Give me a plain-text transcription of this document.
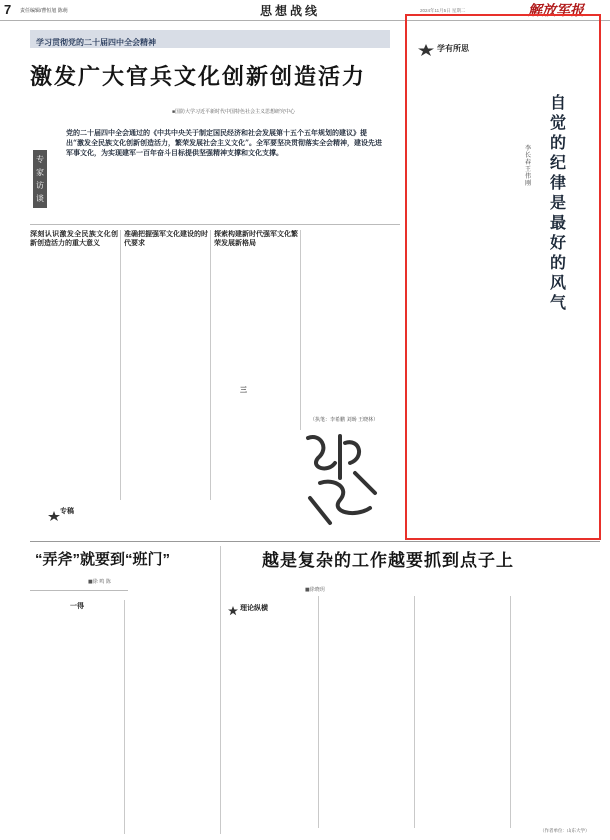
7 责任编辑/曹恒旭 陈萌	思想战线	2024年11月5日 星期二	解放军报
学习贯彻党的二十届四中全会精神
激发广大官兵文化创新创造活力
■国防大学习近平新时代中国特色社会主义思想研究中心
专
家
访
谈
党的二十届四中全会通过的《中共中央关于制定国民经济和社会发展第十五个五年规划的建议》提出“激发全民族文化创新创造活力，繁荣发展社会主义文化”。全军要坚决贯彻落实全会精神，建设先进军事文化，为实现建军一百年奋斗目标提供坚强精神支撑和文化支撑。
深刻认识激发全民族文化创新创造活力的重大意义
准确把握强军文化建设的时代要求
探索构建新时代强军文化繁荣发展新格局
三
专稿
（执笔：李希鹏 刘旸 王晓林）
学有所思
自
觉
的
纪
律
是
最
好
的
风
气
李
长
春
王
伟
刚
“弄斧”就要到“班门”
■徐 鸣 陈
一得
越是复杂的工作越要抓到点子上
■徐晓玥
理论纵横
（作者单位：山东大学）
